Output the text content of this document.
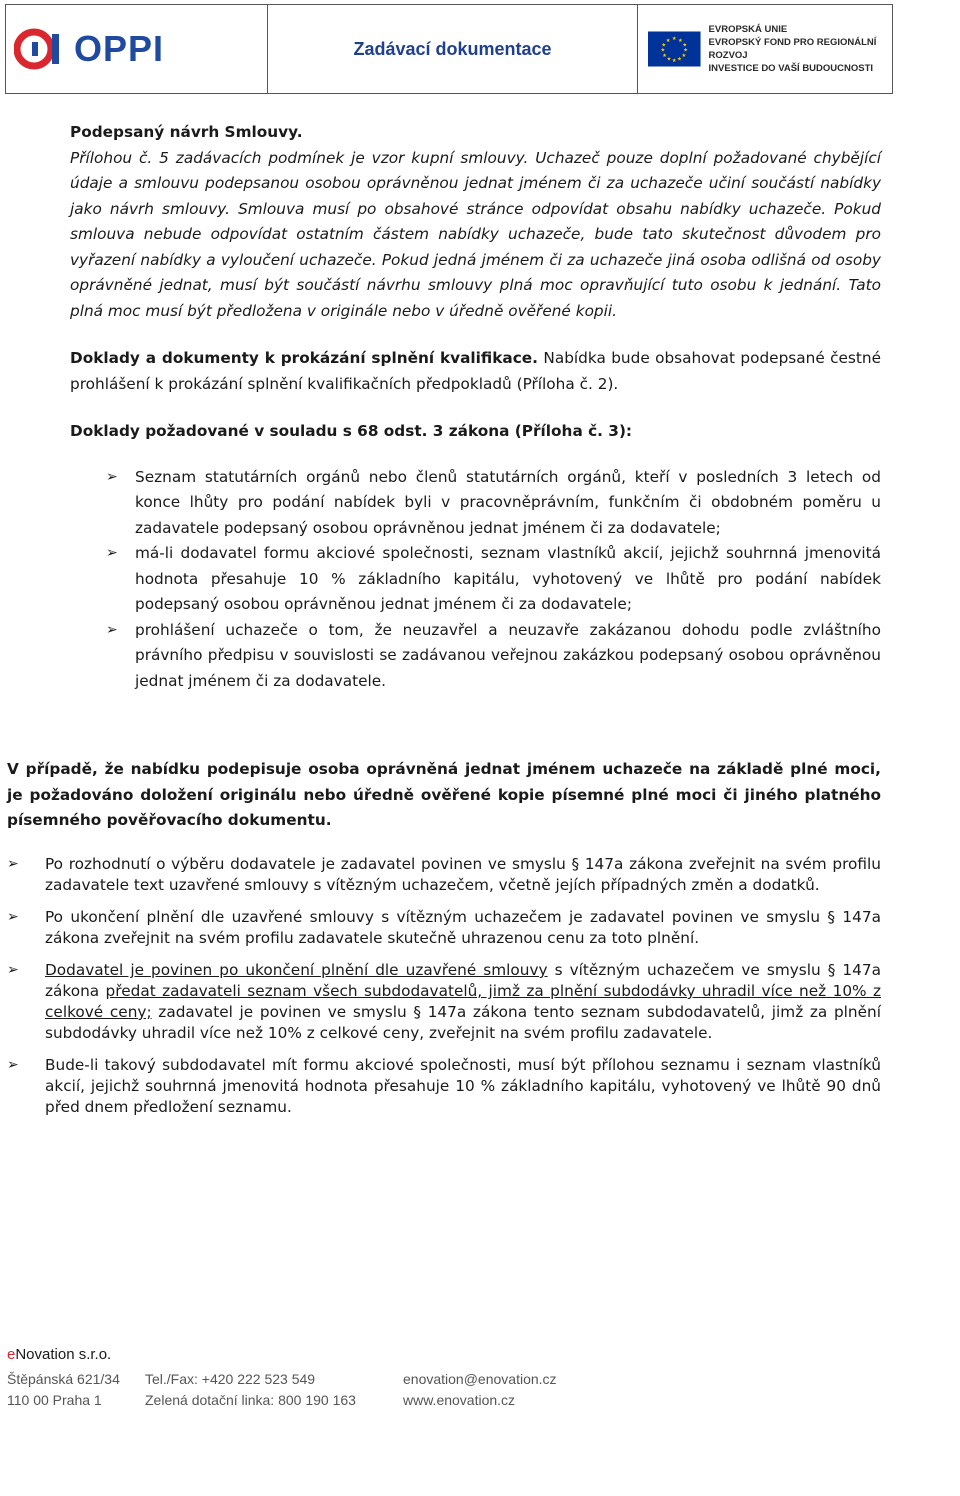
OPPI	Zadávací dokumentace	★ ★
★
★
★
★
★
★
★
★
★
★
EVROPSKÁ UNIE
EVROPSKÝ FOND PRO REGIONÁLNÍ ROZVOJ
INVESTICE DO VAŠÍ BUDOUCNOSTI

Podepsaný návrh Smlouvy.

Přílohou č. 5 zadávacích podmínek je vzor kupní smlouvy. Uchazeč pouze doplní požadované chybějící údaje a smlouvu podepsanou osobou oprávněnou jednat jménem či za uchazeče učiní součástí nabídky jako návrh smlouvy. Smlouva musí po obsahové stránce odpovídat obsahu nabídky uchazeče. Pokud smlouva nebude odpovídat ostatním částem nabídky uchazeče, bude tato skutečnost důvodem pro vyřazení nabídky a vyloučení uchazeče. Pokud jedná jménem či za uchazeče jiná osoba odlišná od osoby oprávněné jednat, musí být součástí návrhu smlouvy plná moc opravňující tuto osobu k jednání. Tato plná moc musí být předložena v originále nebo v úředně ověřené kopii.

Doklady a dokumenty k prokázání splnění kvalifikace. Nabídka bude obsahovat podepsané čestné prohlášení k prokázání splnění kvalifikačních předpokladů (Příloha č. 2).

Doklady požadované v souladu s 68 odst. 3 zákona (Příloha č. 3):

➢ Seznam statutárních orgánů nebo členů statutárních orgánů, kteří v posledních 3 letech od konce lhůty pro podání nabídek byli v pracovněprávním, funkčním či obdobném poměru u zadavatele podepsaný osobou oprávněnou jednat jménem či za dodavatele;
➢ má-li dodavatel formu akciové společnosti, seznam vlastníků akcií, jejichž souhrnná jmenovitá hodnota přesahuje 10 % základního kapitálu, vyhotovený ve lhůtě pro podání nabídek podepsaný osobou oprávněnou jednat jménem či za dodavatele;
➢ prohlášení uchazeče o tom, že neuzavřel a neuzavře zakázanou dohodu podle zvláštního právního předpisu v souvislosti se zadávanou veřejnou zakázkou podepsaný osobou oprávněnou jednat jménem či za dodavatele.

V případě, že nabídku podepisuje osoba oprávněná jednat jménem uchazeče na základě plné moci, je požadováno doložení originálu nebo úředně ověřené kopie písemné plné moci či jiného platného písemného pověřovacího dokumentu.

➢ Po rozhodnutí o výběru dodavatele je zadavatel povinen ve smyslu § 147a zákona zveřejnit na svém profilu zadavatele text uzavřené smlouvy s vítězným uchazečem, včetně jejích případných změn a dodatků.
➢ Po ukončení plnění dle uzavřené smlouvy s vítězným uchazečem je zadavatel povinen ve smyslu § 147a zákona zveřejnit na svém profilu zadavatele skutečně uhrazenou cenu za toto plnění.
➢ Dodavatel je povinen po ukončení plnění dle uzavřené smlouvy s vítězným uchazečem ve smyslu § 147a zákona předat zadavateli seznam všech subdodavatelů, jimž za plnění subdodávky uhradil více než 10% z celkové ceny; zadavatel je povinen ve smyslu § 147a zákona tento seznam subdodavatelů, jimž za plnění subdodávky uhradil více než 10% z celkové ceny, zveřejnit na svém profilu zadavatele.
➢ Bude-li takový subdodavatel mít formu akciové společnosti, musí být přílohou seznamu i seznam vlastníků akcií, jejichž souhrnná jmenovitá hodnota přesahuje 10 % základního kapitálu, vyhotovený ve lhůtě 90 dnů před dnem předložení seznamu.
eNovation s.r.o.
Štěpánská 621/34	Tel./Fax: +420 222 523 549	enovation@enovation.cz
110 00 Praha 1	Zelená dotační linka: 800 190 163	www.enovation.cz
